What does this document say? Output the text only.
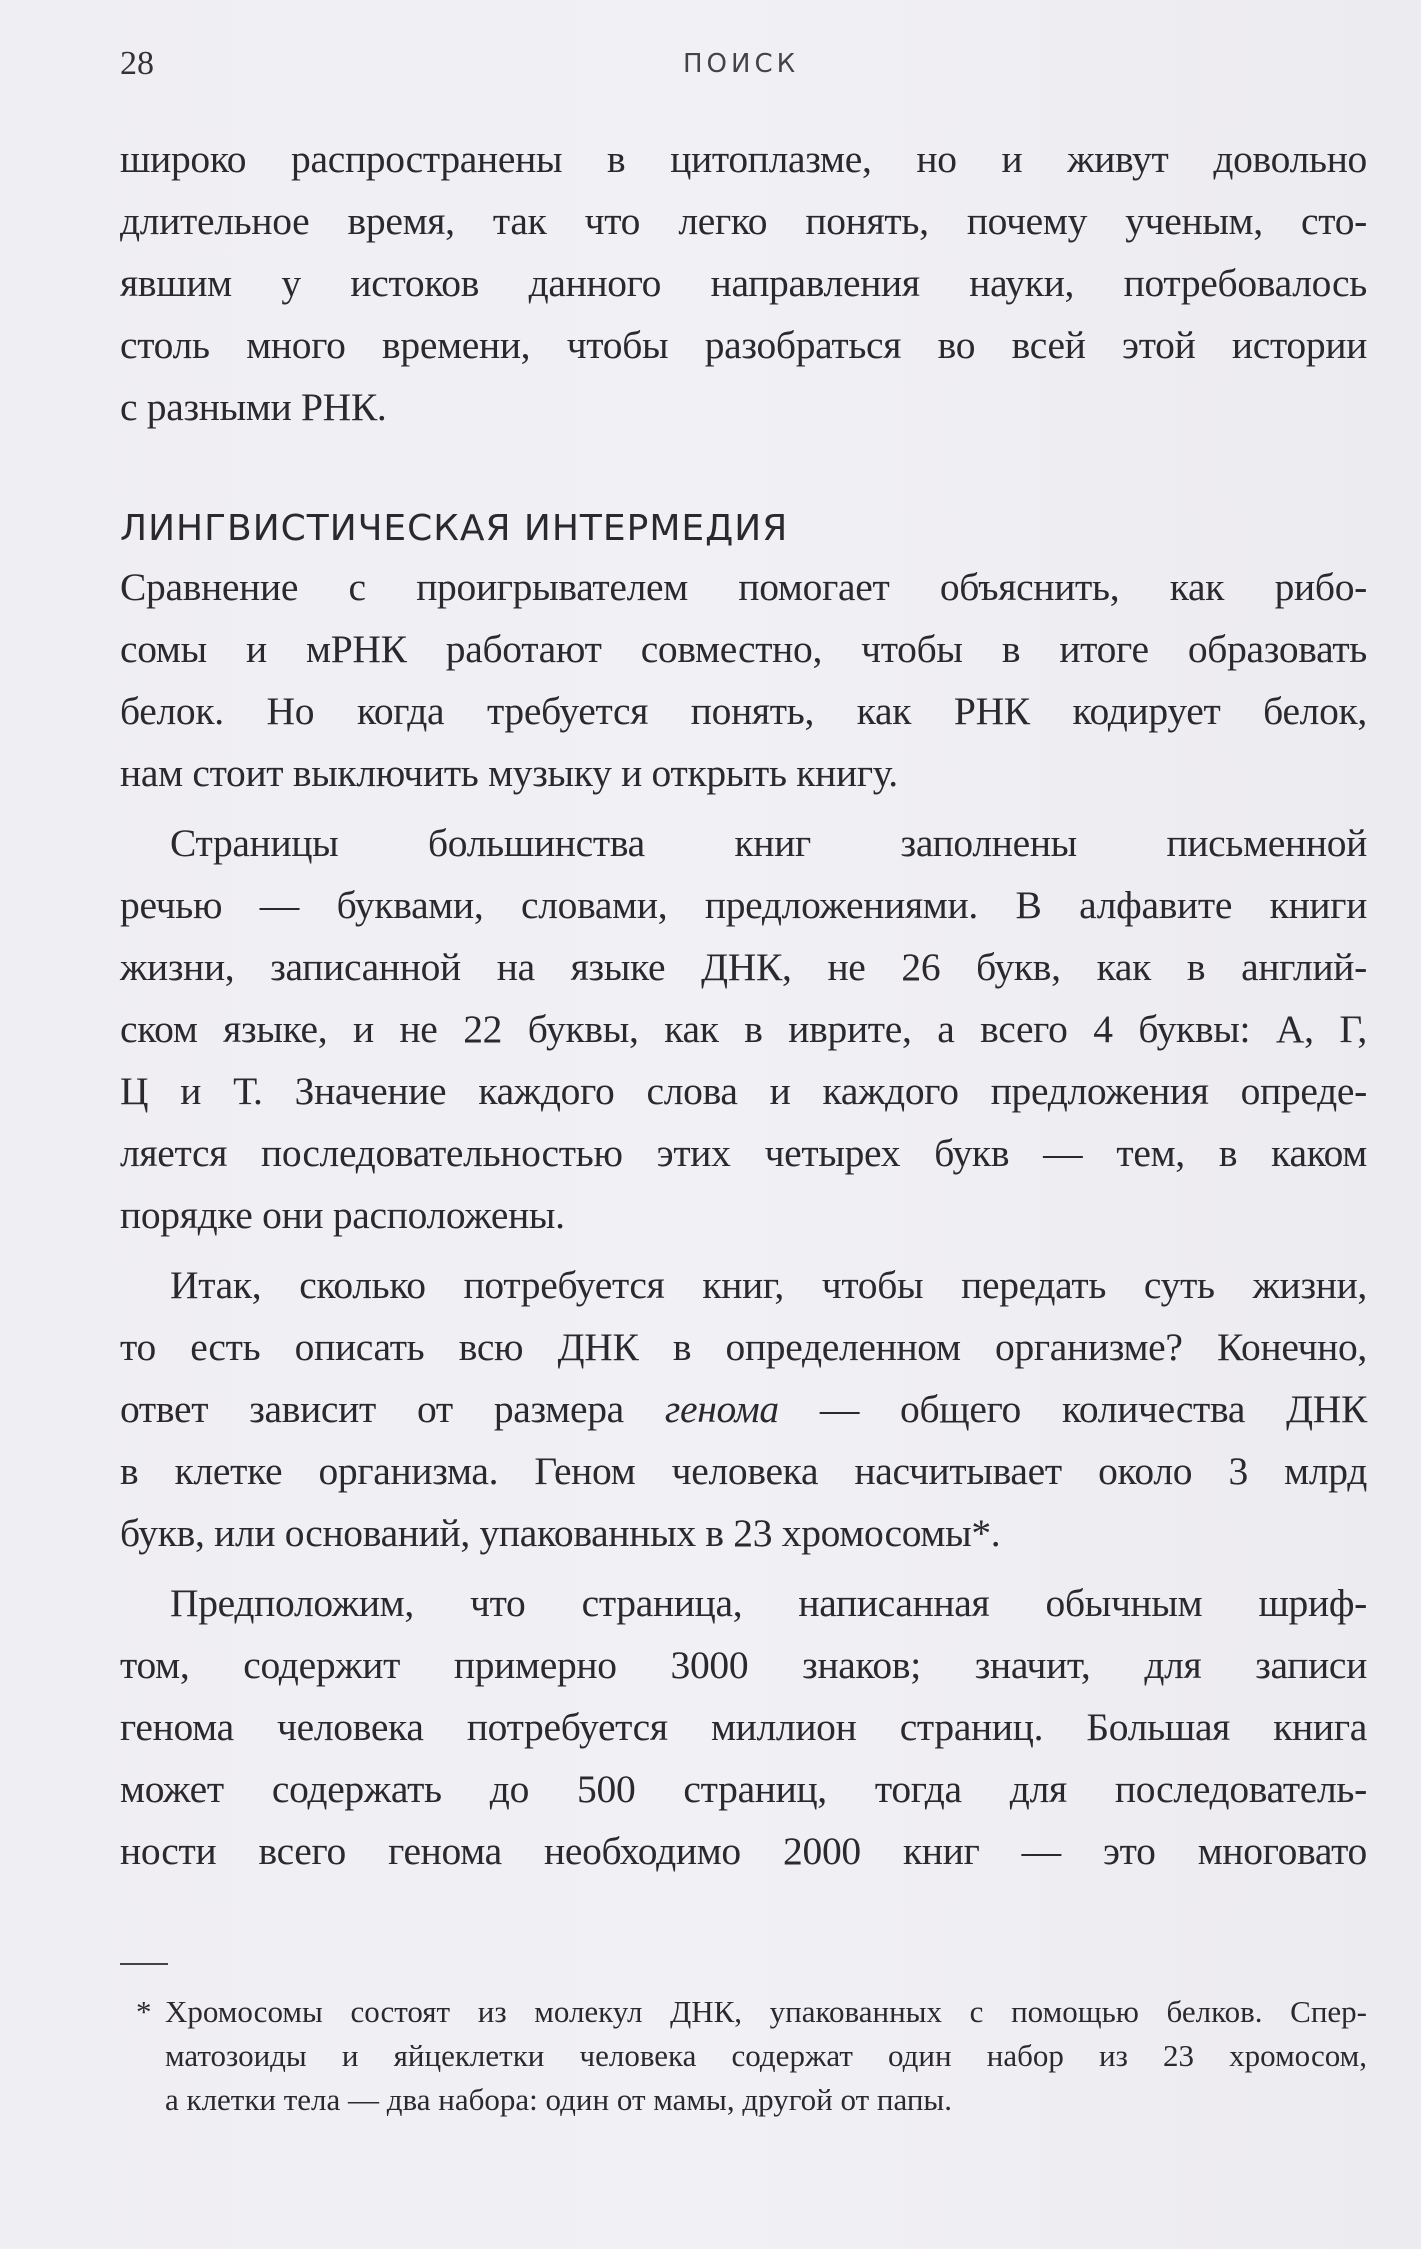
28	ПОИСК

широко распространены в цитоплазме, но и живут довольно
длительное время, так что легко понять, почему ученым, сто-
явшим у истоков данного направления науки, потребовалось
столь много времени, чтобы разобраться во всей этой истории
с разными РНК.

ЛИНГВИСТИЧЕСКАЯ ИНТЕРМЕДИЯ

Сравнение с проигрывателем помогает объяснить, как рибо-
сомы и мРНК работают совместно, чтобы в итоге образовать
белок. Но когда требуется понять, как РНК кодирует белок,
нам стоит выключить музыку и открыть книгу.

Страницы большинства книг заполнены письменной
речью — буквами, словами, предложениями. В алфавите книги
жизни, записанной на языке ДНК, не 26 букв, как в англий-
ском языке, и не 22 буквы, как в иврите, а всего 4 буквы: А, Г,
Ц и Т. Значение каждого слова и каждого предложения опреде-
ляется последовательностью этих четырех букв — тем, в каком
порядке они расположены.

Итак, сколько потребуется книг, чтобы передать суть жизни,
то есть описать всю ДНК в определенном организме? Конечно,
ответ зависит от размера генома — общего количества ДНК
в клетке организма. Геном человека насчитывает около 3 млрд
букв, или оснований, упакованных в 23 хромосомы*.

Предположим, что страница, написанная обычным шриф-
том, содержит примерно 3000 знаков; значит, для записи
генома человека потребуется миллион страниц. Большая книга
может содержать до 500 страниц, тогда для последователь-
ности всего генома необходимо 2000 книг — это многовато

* Хромосомы состоят из молекул ДНК, упакованных с помощью белков. Спер-
матозоиды и яйцеклетки человека содержат один набор из 23 хромосом,
а клетки тела — два набора: один от мамы, другой от папы.
